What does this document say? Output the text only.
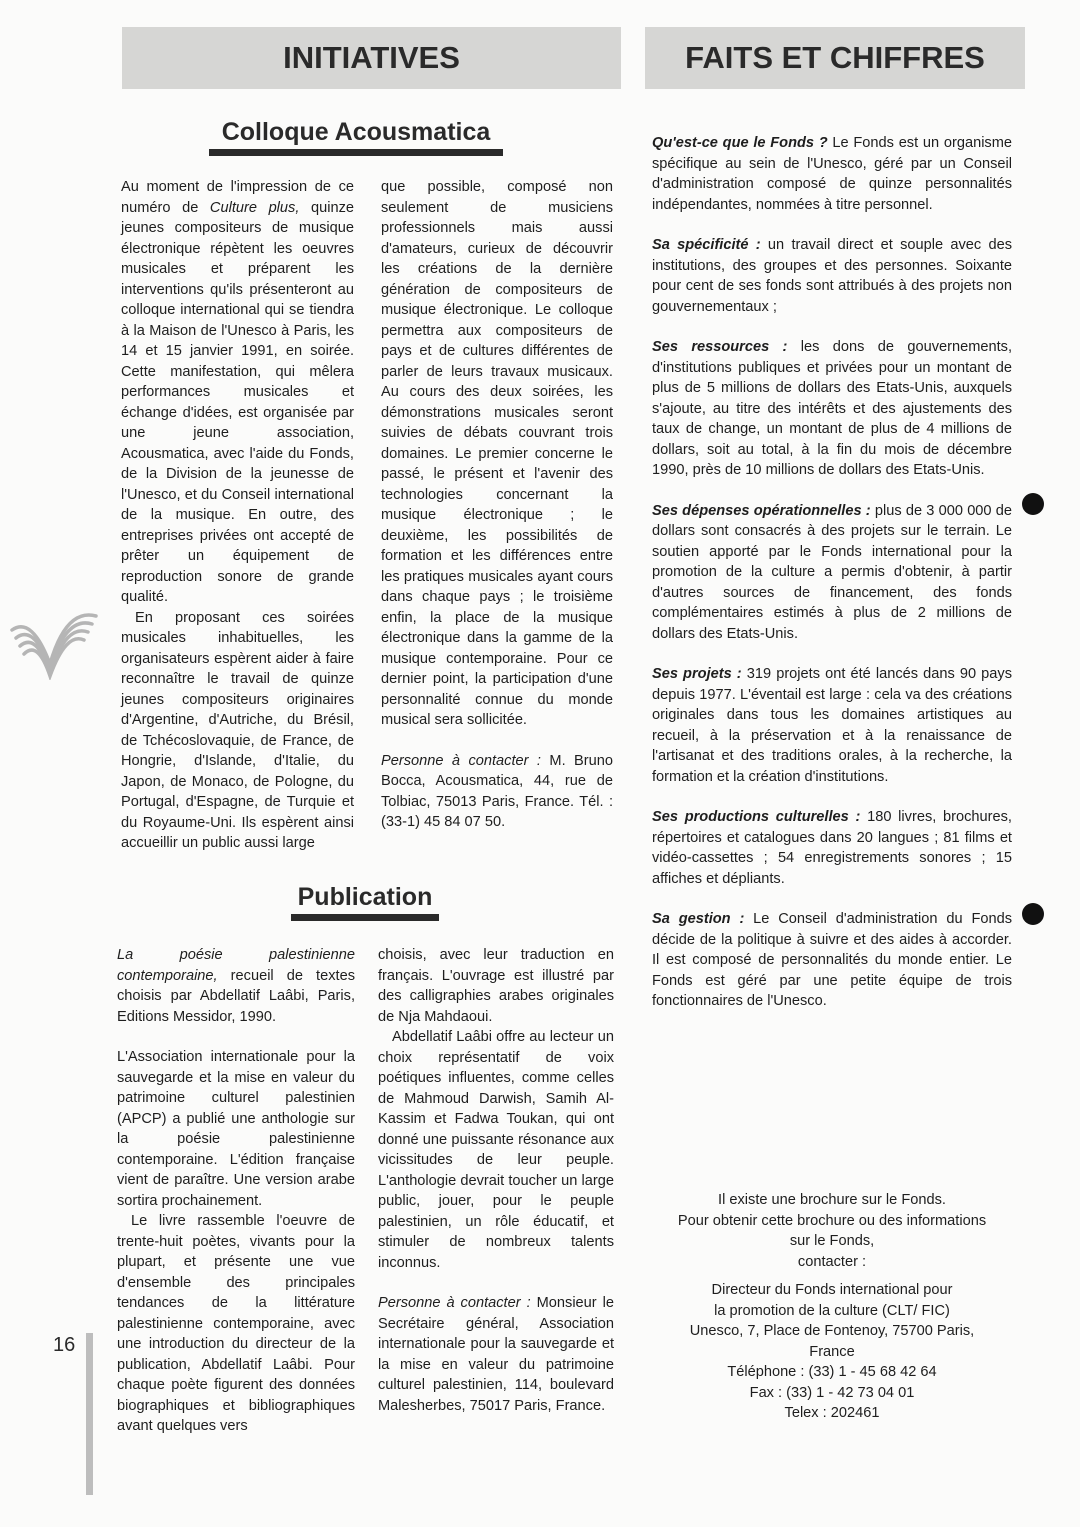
INITIATIVES	FAITS ET CHIFFRES
Colloque Acousmatica

Au moment de l'impression de ce numéro de Culture plus, quinze jeunes compositeurs de musique électronique répètent les oeuvres musicales et préparent les interventions qu'ils présenteront au colloque international qui se tiendra à la Maison de l'Unesco à Paris, les 14 et 15 janvier 1991, en soirée. Cette manifestation, qui mêlera performances musicales et échange d'idées, est organisée par une jeune association, Acousmatica, avec l'aide du Fonds, de la Division de la jeunesse de l'Unesco, et du Conseil international de la musique. En outre, des entreprises privées ont accepté de prêter un équipement de reproduction sonore de grande qualité.

En proposant ces soirées musicales inhabituelles, les organisateurs espèrent aider à faire reconnaître le travail de quinze jeunes compositeurs originaires d'Argentine, d'Autriche, du Brésil, de Tchécoslovaquie, de France, de Hongrie, d'Islande, d'Italie, du Japon, de Monaco, de Pologne, du Portugal, d'Espagne, de Turquie et du Royaume-Uni. Ils espèrent ainsi accueillir un public aussi large

que possible, composé non seulement de musiciens professionnels mais aussi d'amateurs, curieux de découvrir les créations de la dernière génération de compositeurs de musique électronique. Le colloque permettra aux compositeurs de pays et de cultures différentes de parler de leurs travaux musicaux. Au cours des deux soirées, les démonstrations musicales seront suivies de débats couvrant trois domaines. Le premier concerne le passé, le présent et l'avenir des technologies concernant la musique électronique ; le deuxième, les possibilités de formation et les différences entre les pratiques musicales ayant cours dans chaque pays ; le troisième enfin, la place de la musique électronique dans la gamme de la musique contemporaine. Pour ce dernier point, la participation d'une personnalité connue du monde musical sera sollicitée.

Personne à contacter : M. Bruno Bocca, Acousmatica, 44, rue de Tolbiac, 75013 Paris, France. Tél. : (33-1) 45 84 07 50.

Publication

La poésie palestinienne contemporaine, recueil de textes choisis par Abdellatif Laâbi, Paris, Editions Messidor, 1990.

L'Association internationale pour la sauvegarde et la mise en valeur du patrimoine culturel palestinien (APCP) a publié une anthologie sur la poésie palestinienne contemporaine. L'édition française vient de paraître. Une version arabe sortira prochainement.

Le livre rassemble l'oeuvre de trente-huit poètes, vivants pour la plupart, et présente une vue d'ensemble des principales tendances de la littérature palestinienne contemporaine, avec une introduction du directeur de la publication, Abdellatif Laâbi. Pour chaque poète figurent des données biographiques et bibliographiques avant quelques vers

choisis, avec leur traduction en français. L'ouvrage est illustré par des calligraphies arabes originales de Nja Mahdaoui.

Abdellatif Laâbi offre au lecteur un choix représentatif de voix poétiques influentes, comme celles de Mahmoud Darwish, Samih Al-Kassim et Fadwa Toukan, qui ont donné une puissante résonance aux vicissitudes de leur peuple. L'anthologie devrait toucher un large public, jouer, pour le peuple palestinien, un rôle éducatif, et stimuler de nombreux talents inconnus.

Personne à contacter : Monsieur le Secrétaire général, Association internationale pour la sauvegarde et la mise en valeur du patrimoine culturel palestinien, 114, boulevard Malesherbes, 75017 Paris, France.

Qu'est-ce que le Fonds ? Le Fonds est un organisme spécifique au sein de l'Unesco, géré par un Conseil d'administration composé de quinze personnalités indépendantes, nommées à titre personnel.

Sa spécificité : un travail direct et souple avec des institutions, des groupes et des personnes. Soixante pour cent de ses fonds sont attribués à des projets non gouvernementaux ;

Ses ressources : les dons de gouvernements, d'institutions publiques et privées pour un montant de plus de 5 millions de dollars des Etats-Unis, auxquels s'ajoute, au titre des intérêts et des ajustements des taux de change, un montant de plus de 4 millions de dollars, soit au total, à la fin du mois de décembre 1990, près de 10 millions de dollars des Etats-Unis.

Ses dépenses opérationnelles : plus de 3 000 000 de dollars sont consacrés à des projets sur le terrain. Le soutien apporté par le Fonds international pour la promotion de la culture a permis d'obtenir, à partir d'autres sources de financement, des fonds complémentaires estimés à plus de 2 millions de dollars des Etats-Unis.

Ses projets : 319 projets ont été lancés dans 90 pays depuis 1977. L'éventail est large : cela va des créations originales dans tous les domaines artistiques au recueil, à la préservation et à la renaissance de l'artisanat et des traditions orales, à la recherche, la formation et la création d'institutions.

Ses productions culturelles : 180 livres, brochures, répertoires et catalogues dans 20 langues ; 81 films et vidéo-cassettes ; 54 enregistrements sonores ; 15 affiches et dépliants.

Sa gestion : Le Conseil d'administration du Fonds décide de la politique à suivre et des aides à accorder. Il est composé de personnalités du monde entier. Le Fonds est géré par une petite équipe de trois fonctionnaires de l'Unesco.

Il existe une brochure sur le Fonds.

Pour obtenir cette brochure ou des informations

sur le Fonds,

contacter :

Directeur du Fonds international pour

la promotion de la culture (CLT/ FIC)

Unesco, 7, Place de Fontenoy, 75700 Paris,

France

Téléphone : (33) 1 - 45 68 42 64

Fax : (33) 1 - 42 73 04 01

Telex : 202461

16
